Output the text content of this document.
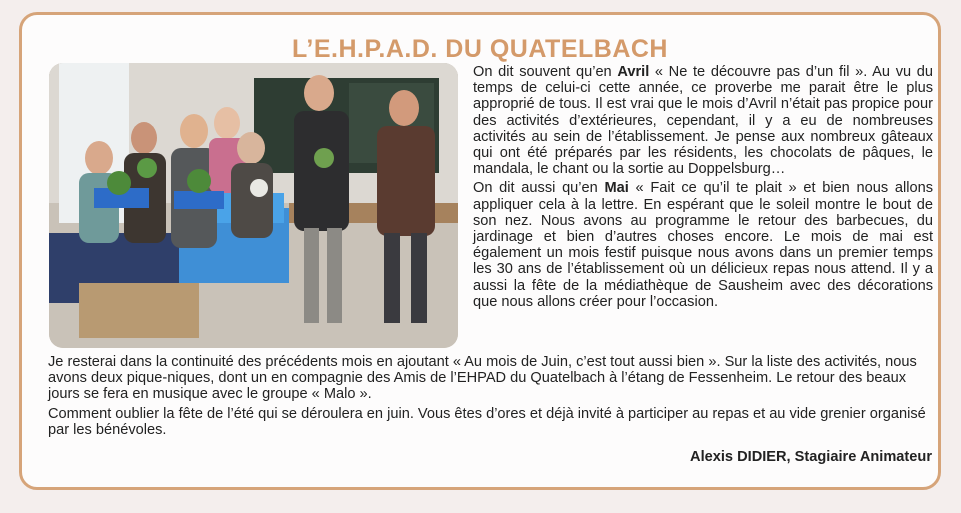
L’E.H.P.A.D. DU QUATELBACH

On dit souvent qu’en Avril « Ne te découvre pas d’un fil ». Au vu du temps de celui-ci cette année, ce proverbe me parait être le plus approprié de tous. Il est vrai que le mois d’Avril n’était pas propice pour des activités d’extérieures, cependant, il y a eu de nombreuses activités au sein de l’établissement. Je pense aux nombreux gâteaux qui ont été préparés par les résidents, les chocolats de pâques, le mandala, le chant ou la sortie au Doppelsburg…

On dit aussi qu’en Mai « Fait ce qu’il te plait » et bien nous allons appliquer cela à la lettre. En espérant que le soleil montre le bout de son nez. Nous avons au programme le retour des barbecues, du jardinage et bien d’autres choses encore. Le mois de mai est également un mois festif puisque nous avons dans un premier temps les 30 ans de l’établissement où un délicieux repas nous attend. Il y a aussi la fête de la médiathèque de Sausheim avec des décorations que nous allons créer pour l’occasion.

Je resterai dans la continuité des précédents mois en ajoutant « Au mois de Juin, c’est tout aussi bien ». Sur la liste des activités, nous avons deux pique-niques, dont un en compagnie des Amis de l’EHPAD du Quatelbach à l’étang de Fessenheim. Le retour des beaux jours se fera en musique avec le groupe « Malo ».

Comment oublier la fête de l’été qui se déroulera en juin. Vous êtes d’ores et déjà invité à participer au repas et au vide grenier organisé par les bénévoles.

Alexis DIDIER, Stagiaire Animateur
